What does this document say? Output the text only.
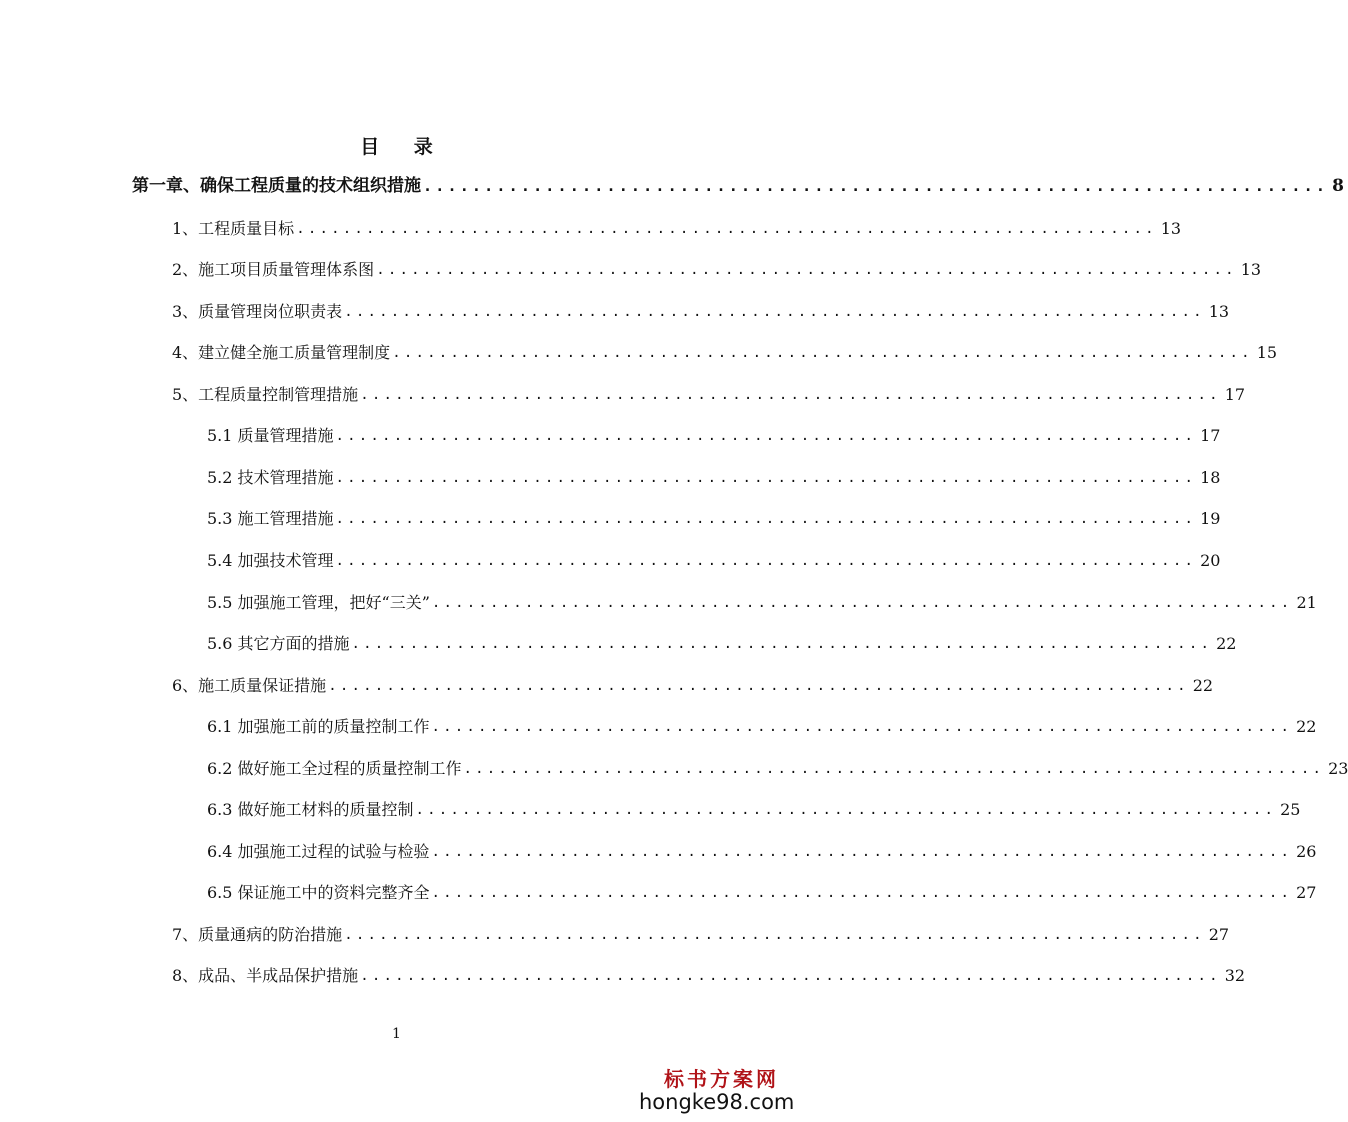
目 录
第一章、确保工程质量的技术组织措施 .......................................................................... 8
1、工程质量目标 .......................................................................... 13
2、施工项目质量管理体系图 .......................................................................... 13
3、质量管理岗位职责表 .......................................................................... 13
4、建立健全施工质量管理制度 .......................................................................... 15
5、工程质量控制管理措施 .......................................................................... 17
5.1 质量管理措施 .......................................................................... 17
5.2 技术管理措施 .......................................................................... 18
5.3 施工管理措施 .......................................................................... 19
5.4 加强技术管理 .......................................................................... 20
5.5 加强施工管理，把好“三关” .......................................................................... 21
5.6 其它方面的措施 .......................................................................... 22
6、施工质量保证措施 .......................................................................... 22
6.1 加强施工前的质量控制工作 .......................................................................... 22
6.2 做好施工全过程的质量控制工作 .......................................................................... 23
6.3 做好施工材料的质量控制 .......................................................................... 25
6.4 加强施工过程的试验与检验 .......................................................................... 26
6.5 保证施工中的资料完整齐全 .......................................................................... 27
7、质量通病的防治措施 .......................................................................... 27
8、成品、半成品保护措施 .......................................................................... 32
1
标书方案网
hongke98.com
